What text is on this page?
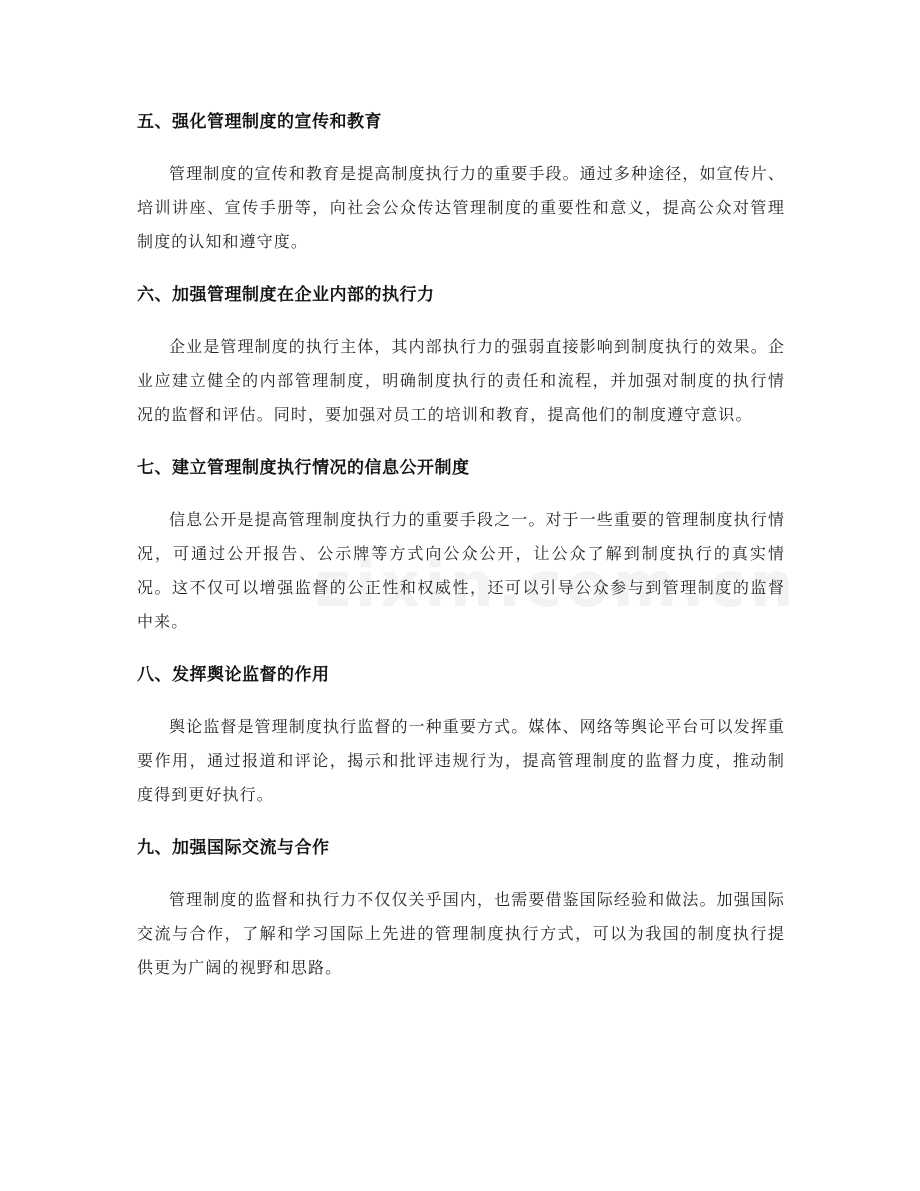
五、强化管理制度的宣传和教育

管理制度的宣传和教育是提高制度执行力的重要手段。通过多种途径，如宣传片、培训讲座、宣传手册等，向社会公众传达管理制度的重要性和意义，提高公众对管理制度的认知和遵守度。

六、加强管理制度在企业内部的执行力

企业是管理制度的执行主体，其内部执行力的强弱直接影响到制度执行的效果。企业应建立健全的内部管理制度，明确制度执行的责任和流程，并加强对制度的执行情况的监督和评估。同时，要加强对员工的培训和教育，提高他们的制度遵守意识。

七、建立管理制度执行情况的信息公开制度

信息公开是提高管理制度执行力的重要手段之一。对于一些重要的管理制度执行情况，可通过公开报告、公示牌等方式向公众公开，让公众了解到制度执行的真实情况。这不仅可以增强监督的公正性和权威性，还可以引导公众参与到管理制度的监督中来。

八、发挥舆论监督的作用

舆论监督是管理制度执行监督的一种重要方式。媒体、网络等舆论平台可以发挥重要作用，通过报道和评论，揭示和批评违规行为，提高管理制度的监督力度，推动制度得到更好执行。

九、加强国际交流与合作

管理制度的监督和执行力不仅仅关乎国内，也需要借鉴国际经验和做法。加强国际交流与合作，了解和学习国际上先进的管理制度执行方式，可以为我国的制度执行提供更为广阔的视野和思路。
